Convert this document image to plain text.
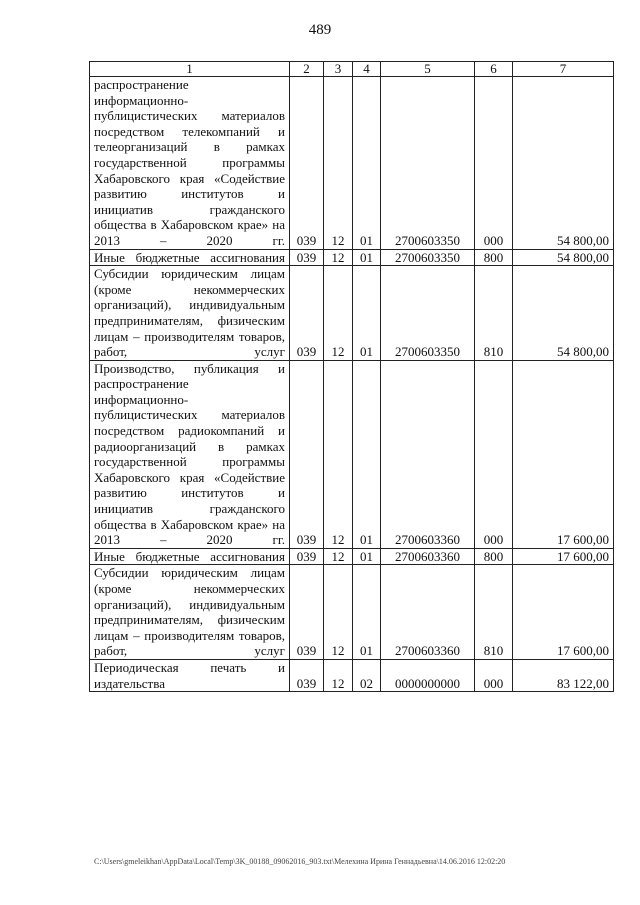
489
1	2	3	4	5	6	7
распространение информационно-публицистических материалов посредством телекомпаний и телеорганизаций в рамках государственной программы Хабаровского края «Содействие развитию институтов и инициатив гражданского общества в Хабаровском крае» на 2013 – 2020 гг.	039	12	01	2700603350	000	54 800,00
Иные бюджетные ассигнования	039	12	01	2700603350	800	54 800,00
Субсидии юридическим лицам (кроме некоммерческих организаций), индивидуальным предпринимателям, физическим лицам – производителям товаров, работ, услуг	039	12	01	2700603350	810	54 800,00
Производство, публикация и распространение информационно-публицистических материалов посредством радиокомпаний и радиоорганизаций в рамках государственной программы Хабаровского края «Содействие развитию институтов и инициатив гражданского общества в Хабаровском крае» на 2013 – 2020 гг.	039	12	01	2700603360	000	17 600,00
Иные бюджетные ассигнования	039	12	01	2700603360	800	17 600,00
Субсидии юридическим лицам (кроме некоммерческих организаций), индивидуальным предпринимателям, физическим лицам – производителям товаров, работ, услуг	039	12	01	2700603360	810	17 600,00
Периодическая печать и издательства	039	12	02	0000000000	000	83 122,00
C:\Users\gmeleikhan\AppData\Local\Temp\3K_00188_09062016_903.txt\Мелехина Ирина Геннадьевна\14.06.2016 12:02:20
